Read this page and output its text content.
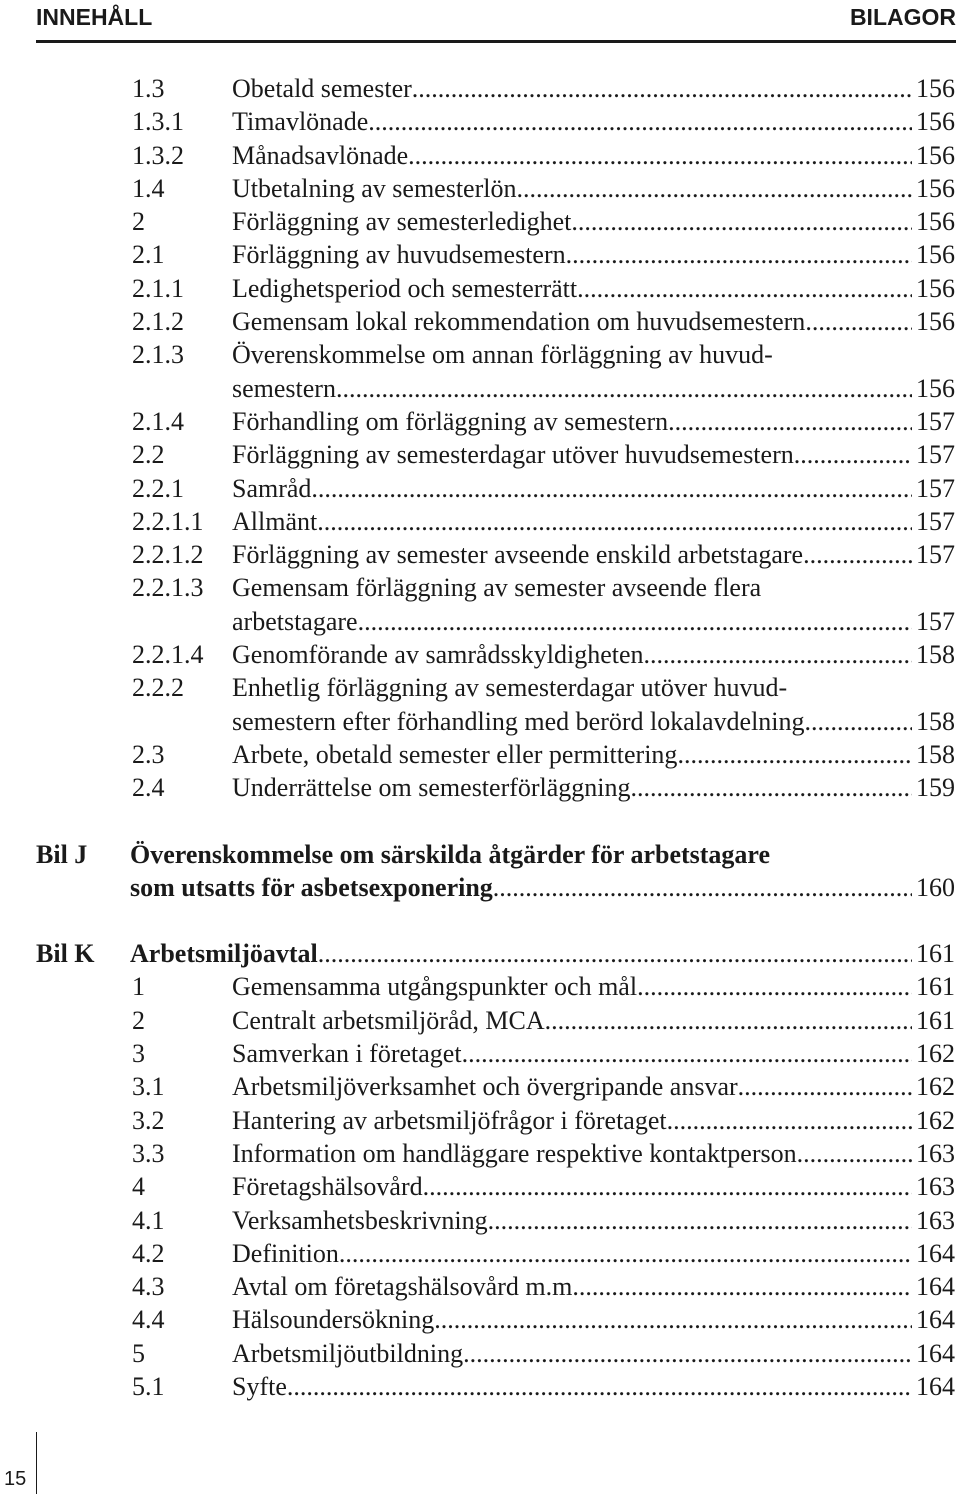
INNEHÅLL	BILAGOR
1.3	Obetald semester .....	156
1.3.1 Timavlönade .....	156
1.3.2 Månadsavlönade .....	156
1.4	Utbetalning av semesterlön .....	156
2	Förläggning av semesterledighet .....	156
2.1	Förläggning av huvudsemestern .....	156
2.1.1 Ledighetsperiod och semesterrätt .....	156
2.1.2 Gemensam lokal rekommendation om huvudsemestern .....	156
2.1.3 Överenskommelse om annan förläggning av huvud-
semestern .....	156
2.1.4 Förhandling om förläggning av semestern .....	157
2.2	Förläggning av semesterdagar utöver huvudsemestern .....	157
2.2.1 Samråd .....	157
2.2.1.1 Allmänt .....	157
2.2.1.2 Förläggning av semester avseende enskild arbetstagare .....	157
2.2.1.3 Gemensam förläggning av semester avseende flera
arbetstagare .....	157
2.2.1.4 Genomförande av samrådsskyldigheten .....	158
2.2.2 Enhetlig förläggning av semesterdagar utöver huvud-
semestern efter förhandling med berörd lokalavdelning .....	158
2.3	Arbete, obetald semester eller permittering .....	158
2.4	Underrättelse om semesterförläggning .....	159
Bil J Överenskommelse om särskilda åtgärder för arbetstagare
som utsatts för asbetsexponering .....	160
Bil K Arbetsmiljöavtal .....	161
1	Gemensamma utgångspunkter och mål .....	161
2	Centralt arbetsmiljöråd, MCA .....	161
3	Samverkan i företaget .....	162
3.1	Arbetsmiljöverksamhet och övergripande ansvar .....	162
3.2	Hantering av arbetsmiljöfrågor i företaget .....	162
3.3	Information om handläggare respektive kontaktperson .....	163
4	Företagshälsovård .....	163
4.1	Verksamhetsbeskrivning .....	163
4.2	Definition .....	164
4.3	Avtal om företagshälsovård m.m. .....	164
4.4	Hälsoundersökning .....	164
5	Arbetsmiljöutbildning .....	164
5.1	Syfte .....	164
15
